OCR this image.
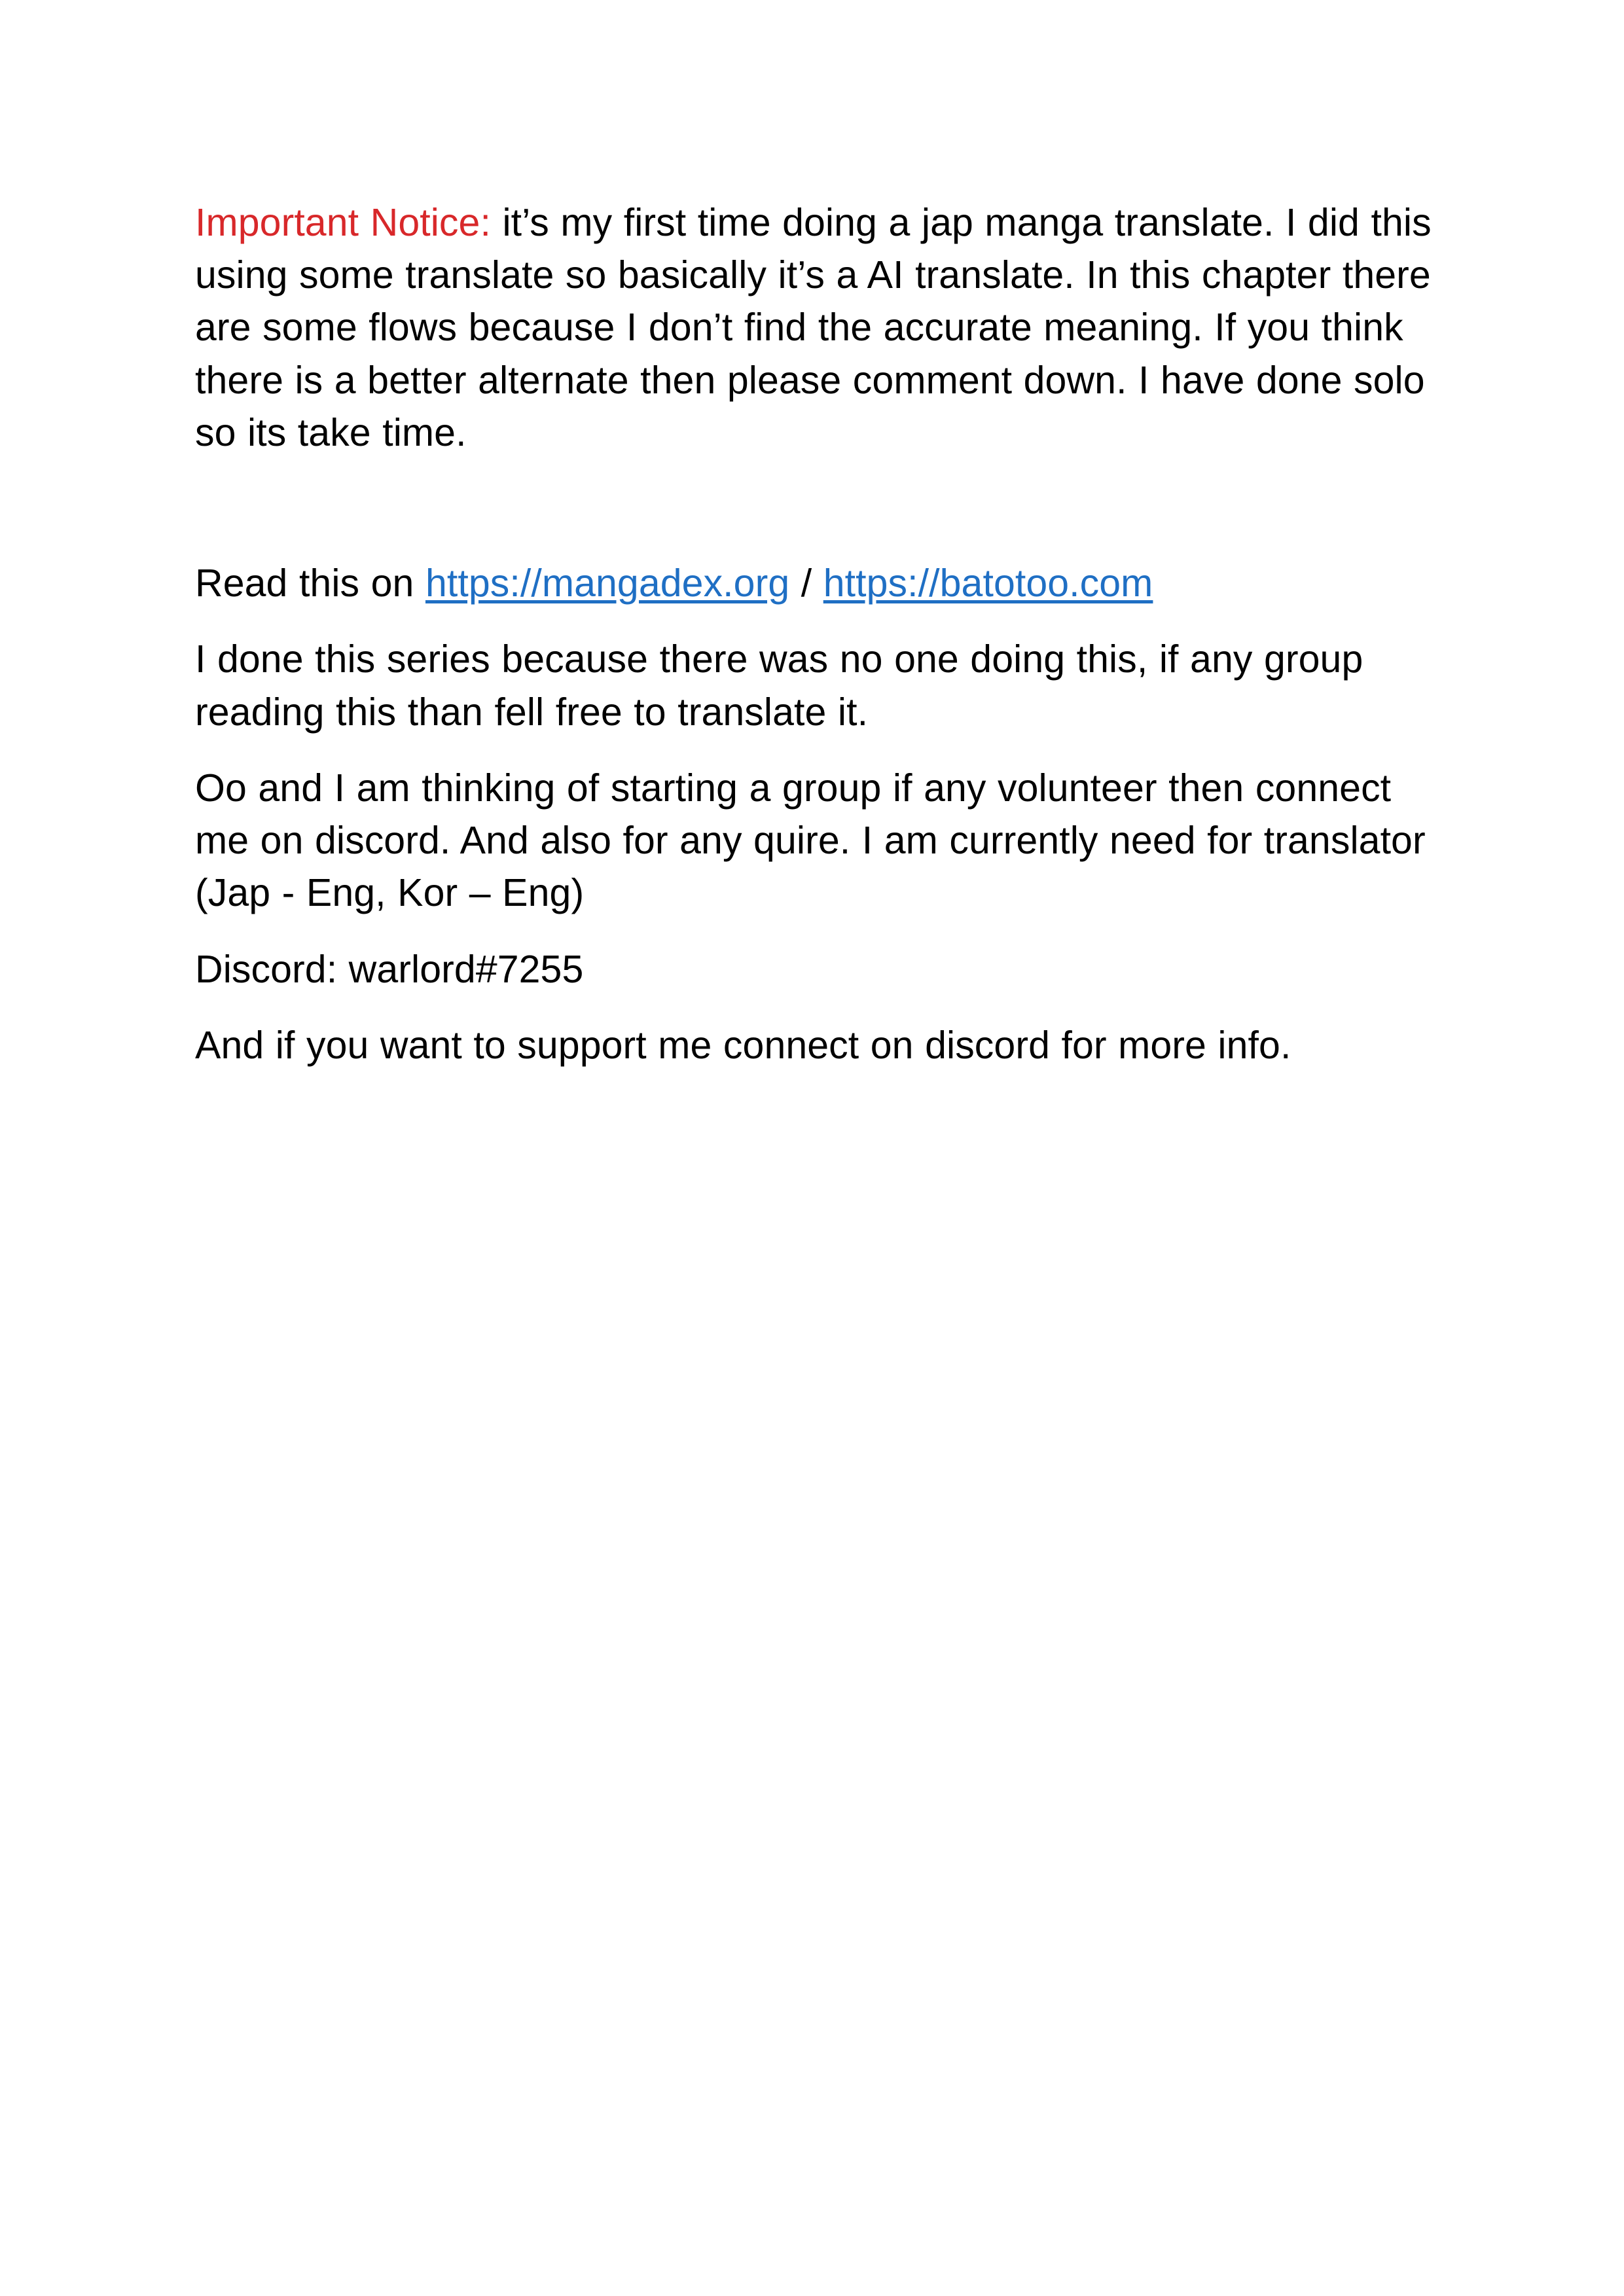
Important Notice: it’s my first time doing a jap manga translate. I did this using some translate so basically it’s a AI translate. In this chapter there are some flows because I don’t find the accurate meaning. If you think there is a better alternate then please comment down. I have done solo so its take time.

Read this on https://mangadex.org / https://batotoo.com

I done this series because there was no one doing this, if any group reading this than fell free to translate it.

Oo and I am thinking of starting a group if any volunteer then connect me on discord. And also for any quire. I am currently need for translator (Jap - Eng, Kor – Eng)

Discord: warlord#7255

And if you want to support me connect on discord for more info.
